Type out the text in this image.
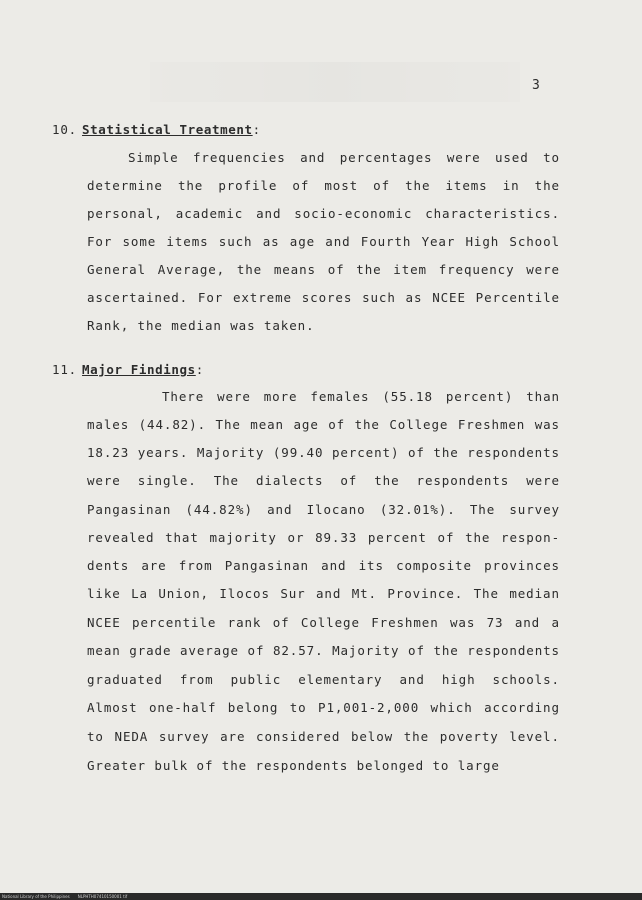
3
10. Statistical Treatment:
Simple frequencies and percentages were used to
determine the profile of most of the items in the
personal, academic and socio-economic characteristics.
For some items such as age and Fourth Year High School
General Average, the means of the item frequency were
ascertained. For extreme scores such as NCEE Percentile
Rank, the median was taken.
11. Major Findings:
There were more females (55.18 percent) than
males (44.82). The mean age of the College Freshmen was
18.23 years. Majority (99.40 percent) of the respondents
were single. The dialects of the respondents were
Pangasinan (44.82%) and Ilocano (32.01%). The survey
revealed that majority or 89.33 percent of the respon-
dents are from Pangasinan and its composite provinces
like La Union, Ilocos Sur and Mt. Province. The median
NCEE percentile rank of College Freshmen was 73 and a
mean grade average of 82.57. Majority of the respondents
graduated from public elementary and high schools.
Almost one-half belong to P1,001-2,000 which according
to NEDA survey are considered below the poverty level.
Greater bulk of the respondents belonged to large
National Library of the Philippines NLPHTH07410150001 tif
